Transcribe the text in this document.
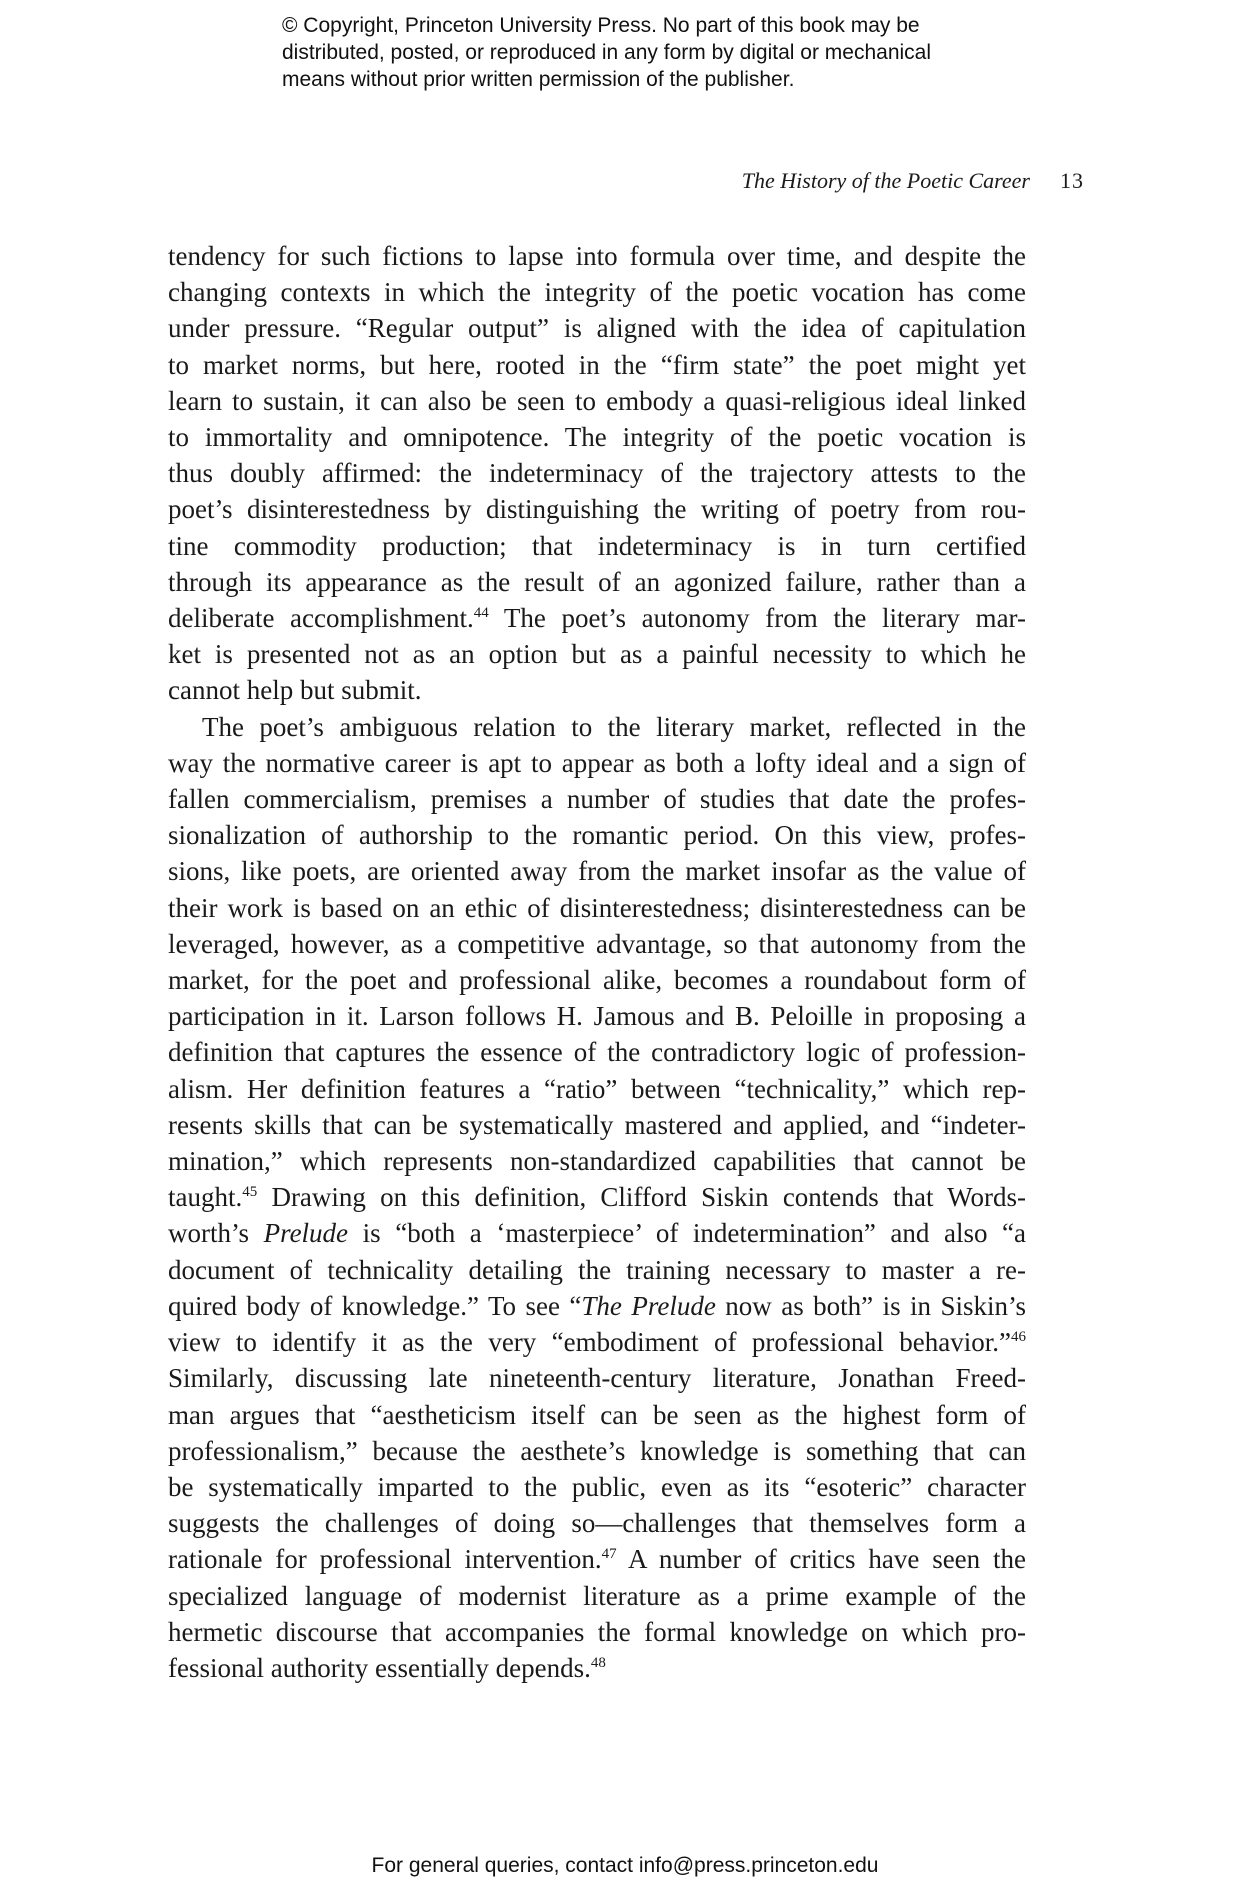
© Copyright, Princeton University Press. No part of this book may be
distributed, posted, or reproduced in any form by digital or mechanical
means without prior written permission of the publisher.
The History of the Poetic Career 13

tendency for such fictions to lapse into formula over time, and despite the
changing contexts in which the integrity of the poetic vocation has come
under pressure. “Regular output” is aligned with the idea of capitulation
to market norms, but here, rooted in the “firm state” the poet might yet
learn to sustain, it can also be seen to embody a quasi-religious ideal linked
to immortality and omnipotence. The integrity of the poetic vocation is
thus doubly affirmed: the indeterminacy of the trajectory attests to the
poet’s disinterestedness by distinguishing the writing of poetry from rou-
tine commodity production; that indeterminacy is in turn certified
through its appearance as the result of an agonized failure, rather than a
deliberate accomplishment.$^{44}$ The poet’s autonomy from the literary mar-
ket is presented not as an option but as a painful necessity to which he
cannot help but submit.

The poet’s ambiguous relation to the literary market, reflected in the
way the normative career is apt to appear as both a lofty ideal and a sign of
fallen commercialism, premises a number of studies that date the profes-
sionalization of authorship to the romantic period. On this view, profes-
sions, like poets, are oriented away from the market insofar as the value of
their work is based on an ethic of disinterestedness; disinterestedness can be
leveraged, however, as a competitive advantage, so that autonomy from the
market, for the poet and professional alike, becomes a roundabout form of
participation in it. Larson follows H. Jamous and B. Peloille in proposing a
definition that captures the essence of the contradictory logic of profession-
alism. Her definition features a “ratio” between “technicality,” which rep-
resents skills that can be systematically mastered and applied, and “indeter-
mination,” which represents non-standardized capabilities that cannot be
taught.$^{45}$ Drawing on this definition, Clifford Siskin contends that Words-
worth’s Prelude is “both a ‘masterpiece’ of indetermination” and also “a
document of technicality detailing the training necessary to master a re-
quired body of knowledge.” To see “The Prelude now as both” is in Siskin’s
view to identify it as the very “embodiment of professional behavior.”$^{46}$
Similarly, discussing late nineteenth-century literature, Jonathan Freed-
man argues that “aestheticism itself can be seen as the highest form of
professionalism,” because the aesthete’s knowledge is something that can
be systematically imparted to the public, even as its “esoteric” character
suggests the challenges of doing so—challenges that themselves form a
rationale for professional intervention.$^{47}$ A number of critics have seen the
specialized language of modernist literature as a prime example of the
hermetic discourse that accompanies the formal knowledge on which pro-
fessional authority essentially depends.$^{48}$

For general queries, contact info@press.princeton.edu
